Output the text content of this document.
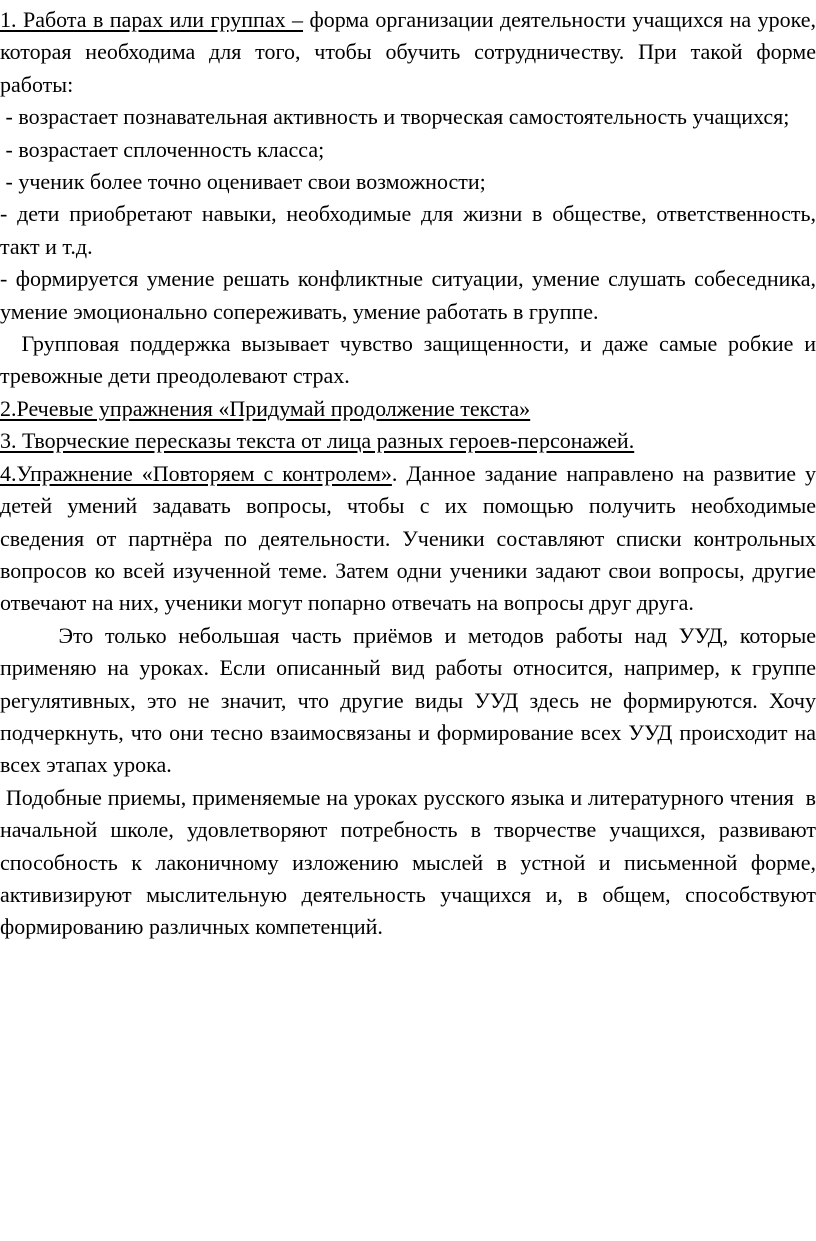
1. Работа в парах или группах – форма организации деятельности учащихся на уроке, которая необходима для того, чтобы обучить сотрудничеству. При такой форме работы:

- возрастает познавательная активность и творческая самостоятельность учащихся;

- возрастает сплоченность класса;

- ученик более точно оценивает свои возможности;

- дети приобретают навыки, необходимые для жизни в обществе, ответственность, такт и т.д.

- формируется умение решать конфликтные ситуации, умение слушать собеседника, умение эмоционально сопереживать, умение работать в группе.

Групповая поддержка вызывает чувство защищенности, и даже самые робкие и тревожные дети преодолевают страх.

2.Речевые упражнения «Придумай продолжение текста»

3. Творческие пересказы текста от лица разных героев-персонажей.

4.Упражнение «Повторяем с контролем». Данное задание направлено на развитие у детей умений задавать вопросы, чтобы с их помощью получить необходимые сведения от партнёра по деятельности. Ученики составляют списки контрольных вопросов ко всей изученной теме. Затем одни ученики задают свои вопросы, другие отвечают на них, ученики могут попарно отвечать на вопросы друг друга.

Это только небольшая часть приёмов и методов работы над УУД, которые применяю на уроках. Если описанный вид работы относится, например, к группе регулятивных, это не значит, что другие виды УУД здесь не формируются. Хочу подчеркнуть, что они тесно взаимосвязаны и формирование всех УУД происходит на всех этапах урока.

Подобные приемы, применяемые на уроках русского языка и литературного чтения  в начальной школе, удовлетворяют потребность в творчестве учащихся, развивают способность к лаконичному изложению мыслей в устной и письменной форме, активизируют мыслительную деятельность учащихся и, в общем, способствуют формированию различных компетенций.
